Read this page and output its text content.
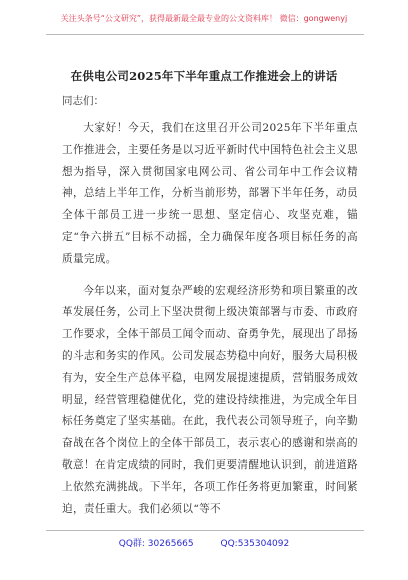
关注头条号“公文研究”，获得最新最全最专业的公文资料库！ 微信：gongwenyj
在供电公司2025年下半年重点工作推进会上的讲话
同志们：

大家好！今天，我们在这里召开公司2025年下半年重点工作推进会，主要任务是以习近平新时代中国特色社会主义思想为指导，深入贯彻国家电网公司、省公司年中工作会议精神，总结上半年工作，分析当前形势，部署下半年任务，动员全体干部员工进一步统一思想、坚定信心、攻坚克难，锚定“争六拼五”目标不动摇，全力确保年度各项目标任务的高质量完成。

今年以来，面对复杂严峻的宏观经济形势和项目繁重的改革发展任务，公司上下坚决贯彻上级决策部署与市委、市政府工作要求，全体干部员工闻令而动、奋勇争先，展现出了昂扬的斗志和务实的作风。公司发展态势稳中向好，服务大局积极有为，安全生产总体平稳，电网发展提速提质，营销服务成效明显，经营管理稳健优化，党的建设持续推进，为完成全年目标任务奠定了坚实基础。在此，我代表公司领导班子，向辛勤奋战在各个岗位上的全体干部员工，表示衷心的感谢和崇高的敬意！在肯定成绩的同时，我们更要清醒地认识到，前进道路上依然充满挑战。下半年，各项工作任务将更加繁重，时间紧迫，责任重大。我们必须以“等不

QQ群: 30265665	QQ:535304092
